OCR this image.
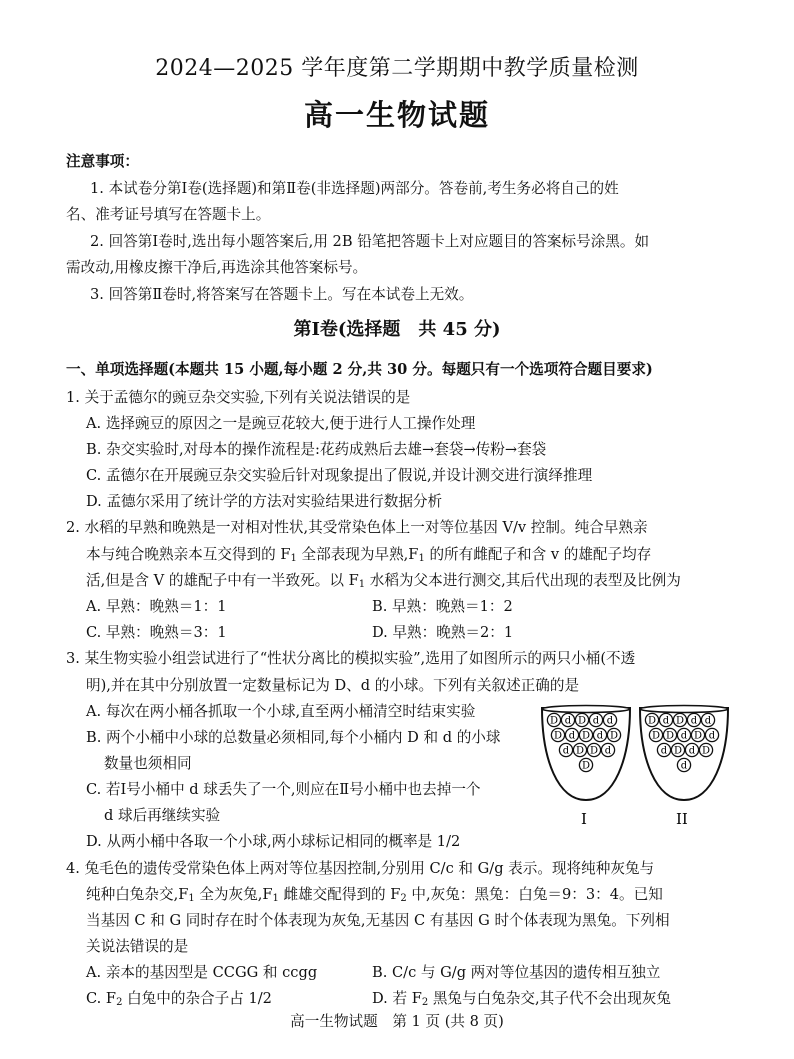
2024—2025 学年度第二学期期中教学质量检测
高一生物试题
注意事项：
1. 本试卷分第Ⅰ卷(选择题)和第Ⅱ卷(非选择题)两部分。答卷前,考生务必将自己的姓
名、准考证号填写在答题卡上。
2. 回答第Ⅰ卷时,选出每小题答案后,用 2B 铅笔把答题卡上对应题目的答案标号涂黑。如
需改动,用橡皮擦干净后,再选涂其他答案标号。
3. 回答第Ⅱ卷时,将答案写在答题卡上。写在本试卷上无效。
第Ⅰ卷(选择题　共 45 分)
一、单项选择题(本题共 15 小题,每小题 2 分,共 30 分。每题只有一个选项符合题目要求)
1. 关于孟德尔的豌豆杂交实验,下列有关说法错误的是
A. 选择豌豆的原因之一是豌豆花较大,便于进行人工操作处理
B. 杂交实验时,对母本的操作流程是:花药成熟后去雄→套袋→传粉→套袋
C. 孟德尔在开展豌豆杂交实验后针对现象提出了假说,并设计测交进行演绎推理
D. 孟德尔采用了统计学的方法对实验结果进行数据分析
2. 水稻的早熟和晚熟是一对相对性状,其受常染色体上一对等位基因 V/v 控制。纯合早熟亲
本与纯合晚熟亲本互交得到的 $F_1$ 全部表现为早熟$,F_1$ 的所有雌配子和含 v 的雄配子均存
活,但是含 V 的雄配子中有一半致死。以 $F_1$ 水稻为父本进行测交,其后代出现的表型及比例为
A. 早熟：晚熟＝1：1	B. 早熟：晚熟＝1：2
C. 早熟：晚熟＝3：1	D. 早熟：晚熟＝2：1
3. 某生物实验小组尝试进行了“性状分离比的模拟实验”,选用了如图所示的两只小桶(不透
明),并在其中分别放置一定数量标记为 D、d 的小球。下列有关叙述正确的是
A. 每次在两小桶各抓取一个小球,直至两小桶清空时结束实验
B. 两个小桶中小球的总数量必须相同,每个小桶内 D 和 d 的小球
数量也须相同
C. 若Ⅰ号小桶中 d 球丢失了一个,则应在Ⅱ号小桶中也去掉一个
d 球后再继续实验
D. 从两小桶中各取一个小球,两小球标记相同的概率是 1/2
D d D d d
D d D d D
d D D d
D
I
D d D d d
D D d D d
d D d D
d
II
4. 兔毛色的遗传受常染色体上两对等位基因控制,分别用 C/c 和 G/g 表示。现将纯种灰兔与
纯种白兔杂交$,F_1$ 全为灰兔$,F_1$ 雌雄交配得到的 $F_2$ 中,灰兔：黑兔：白兔＝9：3：4。已知
当基因 C 和 G 同时存在时个体表现为灰兔,无基因 C 有基因 G 时个体表现为黑兔。下列相
关说法错误的是
A. 亲本的基因型是 CCGG 和 ccgg	B. C/c 与 G/g 两对等位基因的遗传相互独立
C. $F_2$ 白兔中的杂合子占 1/2	D. 若 $F_2$ 黑兔与白兔杂交,其子代不会出现灰兔
高一生物试题　第 1 页 (共 8 页)
